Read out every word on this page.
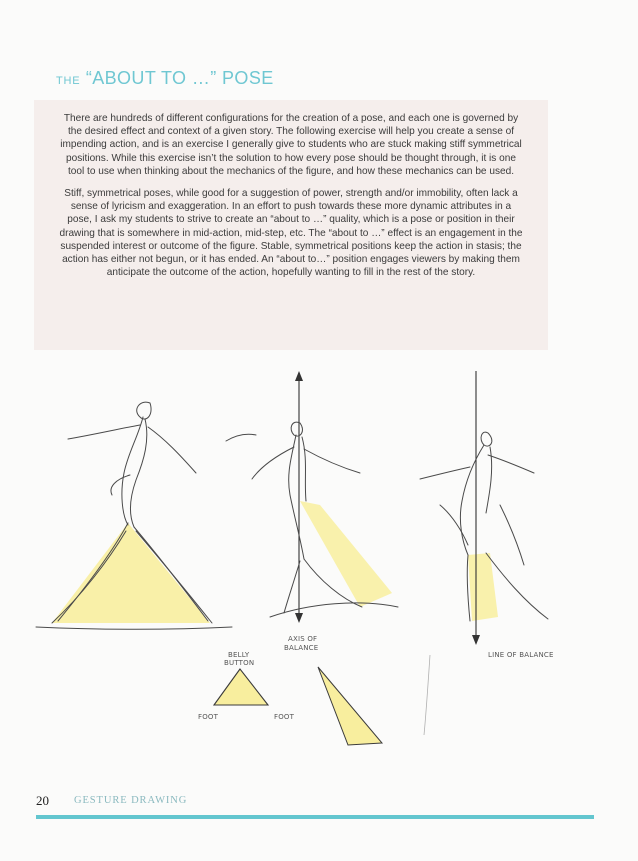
THE “ABOUT TO …” POSE

There are hundreds of different configurations for the creation of a pose, and each one is governed by the desired effect and context of a given story. The following exercise will help you create a sense of impending action, and is an exercise I generally give to students who are stuck making stiff symmetrical positions. While this exercise isn’t the solution to how every pose should be thought through, it is one tool to use when thinking about the mechanics of the figure, and how these mechanics can be used.

Stiff, symmetrical poses, while good for a suggestion of power, strength and/or immobility, often lack a sense of lyricism and exaggeration. In an effort to push towards these more dynamic attributes in a pose, I ask my students to strive to create an “about to …” quality, which is a pose or position in their drawing that is somewhere in mid-action, mid-step, etc. The “about to …” effect is an engagement in the suspended interest or outcome of the figure. Stable, symmetrical positions keep the action in stasis; the action has either not begun, or it has ended. An “about to…” position engages viewers by making them anticipate the outcome of the action, hopefully wanting to fill in the rest of the story.

AXIS OF
BALANCE
LINE OF BALANCE
BELLY
BUTTON
FOOT	FOOT
20 GESTURE DRAWING
